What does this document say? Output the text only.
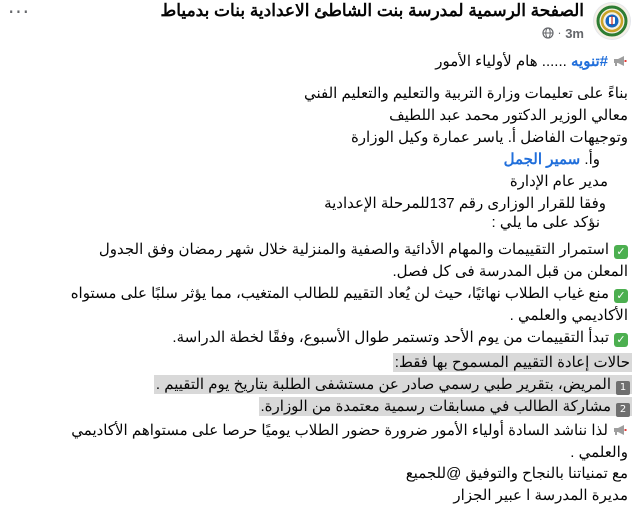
···	الصفحة الرسمية لمدرسة بنت الشاطئ الاعدادية بنات بدمياط
· 3m
#تنويه ...... هام لأولياء الأمور
بناءً على تعليمات وزارة التربية والتعليم والتعليم الفني
معالي الوزير الدكتور محمد عبد اللطيف
وتوجيهات الفاضل أ. ياسر عمارة وكيل الوزارة
وأ. سمير الجمل
مدير عام الإدارة
وفقا للقرار الوزارى رقم 137للمرحلة الإعدادية
نؤكد على ما يلي :
✓استمرار التقييمات والمهام الأدائية والصفية والمنزلية خلال شهر رمضان وفق الجدول
المعلن من قبل المدرسة فى كل فصل.
✓منع غياب الطلاب نهائيًا، حيث لن يُعاد التقييم للطالب المتغيب، مما يؤثر سلبًا على مستواه
الأكاديمي والعلمي .
✓تبدأ التقييمات من يوم الأحد وتستمر طوال الأسبوع، وفقًا لخطة الدراسة.
حالات إعادة التقييم المسموح بها فقط:
1المريض، بتقرير طبي رسمي صادر عن مستشفى الطلبة بتاريخ يوم التقييم .
2مشاركة الطالب في مسابقات رسمية معتمدة من الوزارة.
لذا نناشد السادة أولياء الأمور ضرورة حضور الطلاب يوميًا حرصا على مستواهم الأكاديمي
والعلمي .
مع تمنياتنا بالنجاح والتوفيق @للجميع
مديرة المدرسة ا عبير الجزار
